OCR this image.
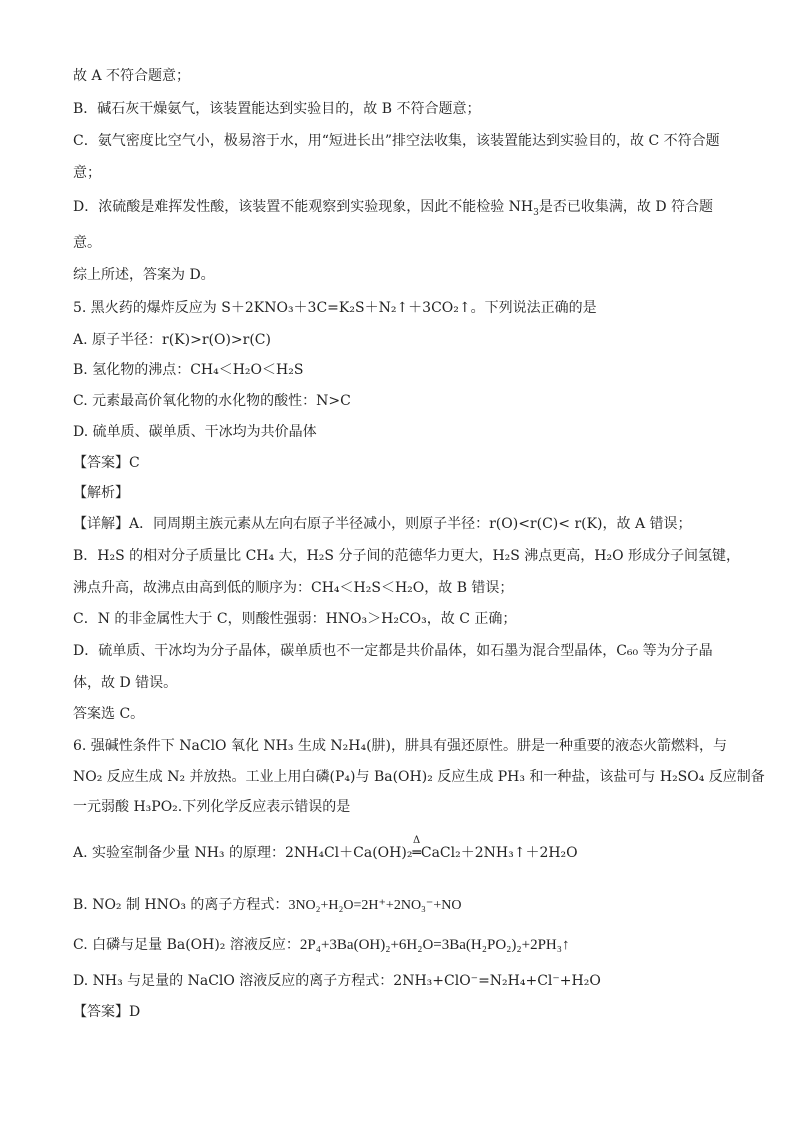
故 A 不符合题意；
B．碱石灰干燥氨气，该装置能达到实验目的，故 B 不符合题意；
C．氨气密度比空气小，极易溶于水，用“短进长出”排空法收集，该装置能达到实验目的，故 C 不符合题
意；
D．浓硫酸是难挥发性酸，该装置不能观察到实验现象，因此不能检验 $NH_3$是否已收集满，故 D 符合题
意。
综上所述，答案为 D。
5. 黑火药的爆炸反应为 S＋2KNO₃＋3C=K₂S＋N₂↑＋3CO₂↑。下列说法正确的是
A. 原子半径：r(K)>r(O)>r(C)
B. 氢化物的沸点：CH₄＜H₂O＜H₂S
C. 元素最高价氧化物的水化物的酸性：N>C
D. 硫单质、碳单质、干冰均为共价晶体
【答案】C
【解析】
【详解】A．同周期主族元素从左向右原子半径减小，则原子半径：r(O)<r(C)< r(K)，故 A 错误；
B．H₂S 的相对分子质量比 CH₄ 大，H₂S 分子间的范德华力更大，H₂S 沸点更高，H₂O 形成分子间氢键，
沸点升高，故沸点由高到低的顺序为：CH₄＜H₂S＜H₂O，故 B 错误；
C．N 的非金属性大于 C，则酸性强弱：HNO₃＞H₂CO₃，故 C 正确；
D．硫单质、干冰均为分子晶体，碳单质也不一定都是共价晶体，如石墨为混合型晶体，C₆₀ 等为分子晶
体，故 D 错误。
答案选 C。
6. 强碱性条件下 NaClO 氧化 NH₃ 生成 N₂H₄(肼)，肼具有强还原性。肼是一种重要的液态火箭燃料，与
NO₂ 反应生成 N₂ 并放热。工业上用白磷(P₄)与 Ba(OH)₂ 反应生成 PH₃ 和一种盐，该盐可与 H₂SO₄ 反应制备
一元弱酸 H₃PO₂.下列化学反应表示错误的是
A. 实验室制备少量 NH₃ 的原理：2NH₄Cl＋Ca(OH)₂
Δ
═CaCl₂＋2NH₃↑＋2H₂O
B. NO₂ 制 HNO₃ 的离子方程式：3NO₂+H₂O=2H⁺+2NO₃⁻+NO
C. 白磷与足量 Ba(OH)₂ 溶液反应：2P₄+3Ba(OH)₂+6H₂O=3Ba(H₂PO₂)₂+2PH₃↑
D. NH₃ 与足量的 NaClO 溶液反应的离子方程式：2NH₃+ClO⁻=N₂H₄+Cl⁻+H₂O
【答案】D
